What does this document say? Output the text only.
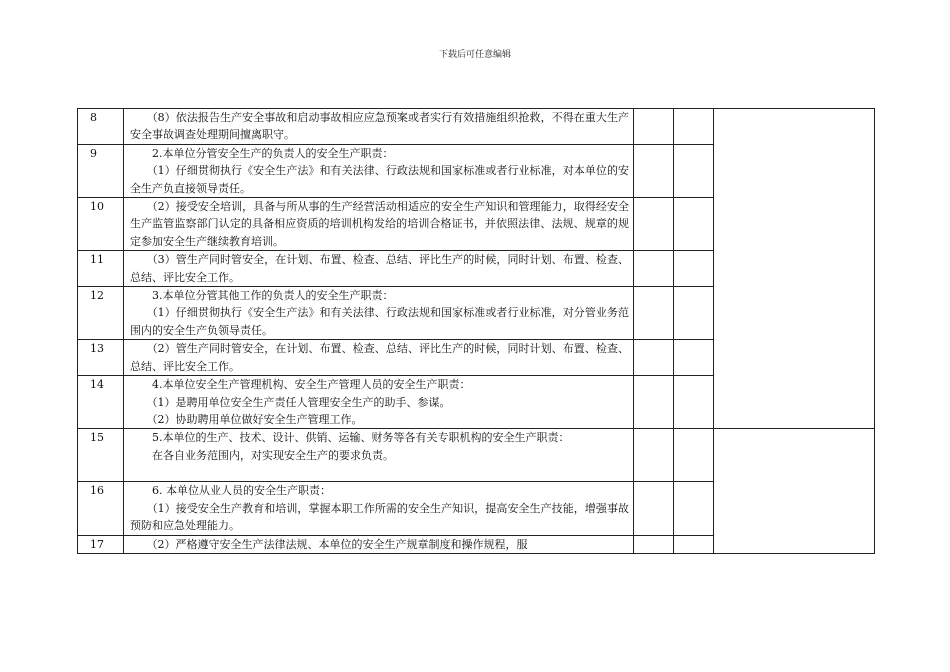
下载后可任意编辑
8	　　（8）依法报告生产安全事故和启动事故相应应急预案或者实行有效措施组织抢救，不得在重大生产安全事故调查处理期间擅离职守。			
9	　　2.本单位分管安全生产的负责人的安全生产职责：
　　（1）仔细贯彻执行《安全生产法》和有关法律、行政法规和国家标准或者行业标准，对本单位的安全生产负直接领导责任。			
10	　　（2）接受安全培训，具备与所从事的生产经营活动相适应的安全生产知识和管理能力，取得经安全生产监管监察部门认定的具备相应资质的培训机构发给的培训合格证书，并依照法律、法规、规章的规定参加安全生产继续教育培训。			
11	　　（3）管生产同时管安全，在计划、布置、检查、总结、评比生产的时候，同时计划、布置、检查、总结、评比安全工作。			
12	　　3.本单位分管其他工作的负责人的安全生产职责：
　　（1）仔细贯彻执行《安全生产法》和有关法律、行政法规和国家标准或者行业标准，对分管业务范围内的安全生产负领导责任。			
13	　　（2）管生产同时管安全，在计划、布置、检查、总结、评比生产的时候，同时计划、布置、检查、总结、评比安全工作。			
14	　　4.本单位安全生产管理机构、安全生产管理人员的安全生产职责：
　　（1）是聘用单位安全生产责任人管理安全生产的助手、参谋。
　　（2）协助聘用单位做好安全生产管理工作。			
15	　　5.本单位的生产、技术、设计、供销、运输、财务等各有关专职机构的安全生产职责：
　　在各自业务范围内，对实现安全生产的要求负责。			
16	　　6. 本单位从业人员的安全生产职责：
　　（1）接受安全生产教育和培训，掌握本职工作所需的安全生产知识，提高安全生产技能，增强事故预防和应急处理能力。			
17	　　（2）严格遵守安全生产法律法规、本单位的安全生产规章制度和操作规程，服			
